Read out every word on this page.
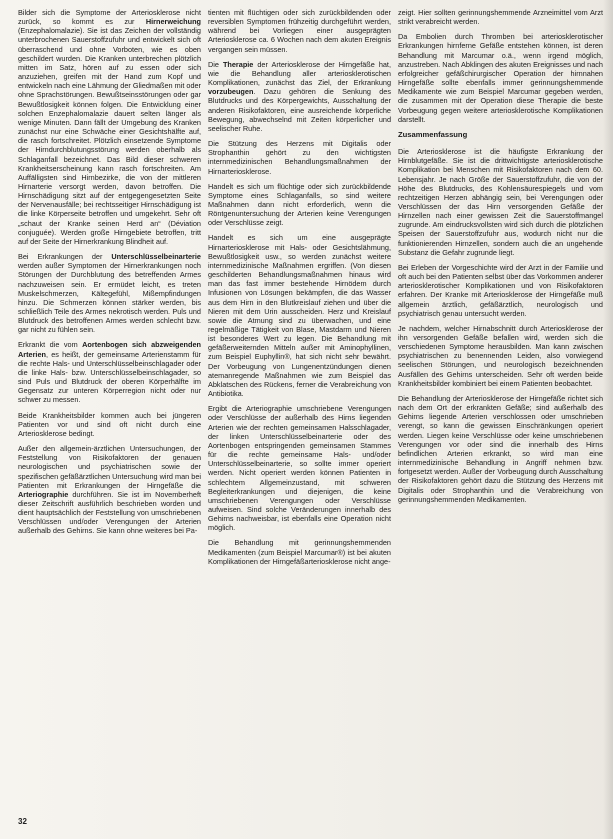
Bilder sich die Symptome der Arteriosklerose nicht zurück, so kommt es zur Hirnerweichung (Enzephalomalazie). Sie ist das Zeichen der vollständig unterbrochenen Sauerstoffzufuhr und entwickelt sich oft überraschend und ohne Vorboten, wie es oben geschildert wurden. Die Kranken unterbrechen plötzlich mitten im Satz, hören auf zu essen oder sich anzuziehen, greifen mit der Hand zum Kopf und entwickeln nach eine Lähmung der Gliedmaßen mit oder ohne Sprachstörungen. Bewußtseinsstörungen oder gar Bewußtlosigkeit können folgen. Die Entwicklung einer solchen Enzephalomalazie dauert selten länger als wenige Minuten. Dann fällt der Umgebung des Kranken zunächst nur eine Schwäche einer Gesichtshälfte auf, die rasch fortschreitet. Plötzlich einsetzende Symptome der Hirndurchblutungsstörung werden oberhalb als Schlaganfall bezeichnet. Das Bild dieser schweren Krankheitserscheinung kann rasch fortschreiten. Am Auffälligsten sind Hirnbezirke, die von der mittleren Hirnarterie versorgt werden, davon betroffen. Die Hirnschädigung sitzt auf der entgegengesetzten Seite der Nervenausfälle; bei rechtsseitiger Hirnschädigung ist die linke Körperseite betroffen und umgekehrt. Sehr oft „schaut der Kranke seinen Herd an“ (Déviation conjuguée). Werden große Hirngebiete betroffen, tritt auf der Seite der Hirnerkrankung Blindheit auf.

Bei Erkrankungen der Unterschlüsselbeinarterie werden außer Symptomen der Hirnerkrankungen noch Störungen der Durchblutung des betreffenden Armes nachzuweisen sein. Er ermüdet leicht, es treten Muskelschmerzen, Kältegefühl, Mißempfindungen hinzu. Die Schmerzen können stärker werden, bis schließlich Teile des Armes nekrotisch werden. Puls und Blutdruck des betroffenen Armes werden schlecht bzw. gar nicht zu fühlen sein.

Erkrankt die vom Aortenbogen sich abzweigenden Arterien, es heißt, der gemeinsame Arterienstamm für die rechte Hals- und Unterschlüsselbeinschlagader oder die linke Hals- bzw. Unterschlüsselbeinschlagader, so sind Puls und Blutdruck der oberen Körperhälfte im Gegensatz zur unteren Körperregion nicht oder nur schwer zu messen.

Beide Krankheitsbilder kommen auch bei jüngeren Patienten vor und sind oft nicht durch eine Arteriosklerose bedingt.

Außer den allgemein-ärztlichen Untersuchungen, der Feststellung von Risikofaktoren der genauen neurologischen und psychiatrischen sowie der spezifischen gefäßärztlichen Untersuchung wird man bei Patienten mit Erkrankungen der Hirngefäße die Arteriographie durchführen. Sie ist im Novemberheft dieser Zeitschrift ausführlich beschrieben worden und dient hauptsächlich der Feststellung von umschriebenen Verschlüssen und/oder Verengungen der Arterien außerhalb des Gehirns. Sie kann ohne weiteres bei Pa-

tienten mit flüchtigen oder sich zurückbildenden oder reversiblen Symptomen frühzeitig durchgeführt werden, während bei Vorliegen einer ausgeprägten Arteriosklerose ca. 6 Wochen nach dem akuten Ereignis vergangen sein müssen.

Die Therapie der Arteriosklerose der Hirngefäße hat, wie die Behandlung aller arteriosklerotischen Komplikationen, zunächst das Ziel, der Erkrankung vorzubeugen. Dazu gehören die Senkung des Blutdrucks und des Körpergewichts, Ausschaltung der anderen Risikofaktoren, eine ausreichende körperliche Bewegung, abwechselnd mit Zeiten körperlicher und seelischer Ruhe.

Die Stützung des Herzens mit Digitalis oder Strophanthin gehört zu den wichtigsten internmedizinischen Behandlungsmaßnahmen der Hirnarteriosklerose.

Handelt es sich um flüchtige oder sich zurückbildende Symptome eines Schlaganfalls, so sind weitere Maßnahmen dann nicht erforderlich, wenn die Röntgenuntersuchung der Arterien keine Verengungen oder Verschlüsse zeigt.

Handelt es sich um eine ausgeprägte Hirnarteriosklerose mit Hals- oder Gesichtslähmung, Bewußtlosigkeit usw., so werden zunächst weitere internmedizinische Maßnahmen ergriffen. (Von diesen geschilderten Behandlungsmaßnahmen hinaus wird man das fast immer bestehende Hirnödem durch Infusionen von Lösungen bekämpfen, die das Wasser aus dem Hirn in den Blutkreislauf ziehen und über die Nieren mit dem Urin ausscheiden. Herz und Kreislauf sowie die Atmung sind zu überwachen, und eine regelmäßige Tätigkeit von Blase, Mastdarm und Nieren ist besonderes Wert zu legen. Die Behandlung mit gefäßerweiternden Mitteln außer mit Aminophyllinen, zum Beispiel Euphyllin®, hat sich nicht sehr bewährt. Der Vorbeugung von Lungenentzündungen dienen atemanregende Maßnahmen wie zum Beispiel das Abklatschen des Rückens, ferner die Verabreichung von Antibiotika.

Ergibt die Arteriographie umschriebene Verengungen oder Verschlüsse der außerhalb des Hirns liegenden Arterien wie der rechten gemeinsamen Halsschlagader, der linken Unterschlüsselbeinarterie oder des Aortenbogen entspringenden gemeinsamen Stammes für die rechte gemeinsame Hals- und/oder Unterschlüsselbeinarterie, so sollte immer operiert werden. Nicht operiert werden können Patienten in schlechtem Allgemeinzustand, mit schweren Begleiterkrankungen und diejenigen, die keine umschriebenen Verengungen oder Verschlüsse aufweisen. Sind solche Veränderungen innerhalb des Gehirns nachweisbar, ist ebenfalls eine Operation nicht möglich.

Die Behandlung mit gerinnungshemmenden Medikamenten (zum Beispiel Marcumar®) ist bei akuten Komplikationen der Hirngefäßarteriosklerose nicht ange-

zeigt. Hier sollten gerinnungshemmende Arzneimittel vom Arzt strikt verabreicht werden.

Da Embolien durch Thromben bei arteriosklerotischer Erkrankungen hirnferne Gefäße entstehen können, ist deren Behandlung mit Marcumar o.ä., wenn irgend möglich, anzustreben. Nach Abklingen des akuten Ereignisses und nach erfolgreicher gefäßchirurgischer Operation der hirnnahen Hirngefäße sollte ebenfalls immer gerinnungshemmende Medikamente wie zum Beispiel Marcumar gegeben werden, die zusammen mit der Operation diese Therapie die beste Vorbeugung gegen weitere arteriosklerotische Komplikationen darstellt.

Zusammenfassung

Die Arteriosklerose ist die häufigste Erkrankung der Hirnblutgefäße. Sie ist die drittwichtigste arteriosklerotische Komplikation bei Menschen mit Risikofaktoren nach dem 60. Lebensjahr. Je nach Größe der Sauerstoffzufuhr, die von der Höhe des Blutdrucks, des Kohlensäurespiegels und vom rechtzeitigen Herzen abhängig sein, bei Verengungen oder Verschlüssen der das Hirn versorgenden Gefäße der Hirnzellen nach einer gewissen Zeit die Sauerstoffmangel zugrunde. Am eindrucksvollsten wird sich durch die plötzlichen Speisen der Sauerstoffzufuhr aus, wodurch nicht nur die funktionierenden Hirnzellen, sondern auch die an ungehende Substanz die Gefahr zugrunde liegt.

Bei Erleben der Vorgeschichte wird der Arzt in der Familie und oft auch bei den Patienten selbst über das Vorkommen anderer arteriosklerotischer Komplikationen und von Risikofaktoren erfahren. Der Kranke mit Arteriosklerose der Hirngefäße muß allgemein ärztlich, gefäßärztlich, neurologisch und psychiatrisch genau untersucht werden.

Je nachdem, welcher Hirnabschnitt durch Arteriosklerose der ihn versorgenden Gefäße befallen wird, werden sich die verschiedenen Symptome herausbilden. Man kann zwischen psychiatrischen zu benennenden Leiden, also vorwiegend seelischen Störungen, und neurologisch bezeichnenden Ausfällen des Gehirns unterscheiden. Sehr oft werden beide Krankheitsbilder kombiniert bei einem Patienten beobachtet.

Die Behandlung der Arteriosklerose der Hirngefäße richtet sich nach dem Ort der erkrankten Gefäße; sind außerhalb des Gehirns liegende Arterien verschlossen oder umschrieben verengt, so kann die gewissen Einschränkungen operiert werden. Liegen keine Verschlüsse oder keine umschriebenen Verengungen vor oder sind die innerhalb des Hirns befindlichen Arterien erkrankt, so wird man eine internmedizinische Behandlung in Angriff nehmen bzw. fortgesetzt werden. Außer der Vorbeugung durch Ausschaltung der Risikofaktoren gehört dazu die Stützung des Herzens mit Digitalis oder Strophanthin und die Verabreichung von gerinnungshemmenden Medikamenten.

32
